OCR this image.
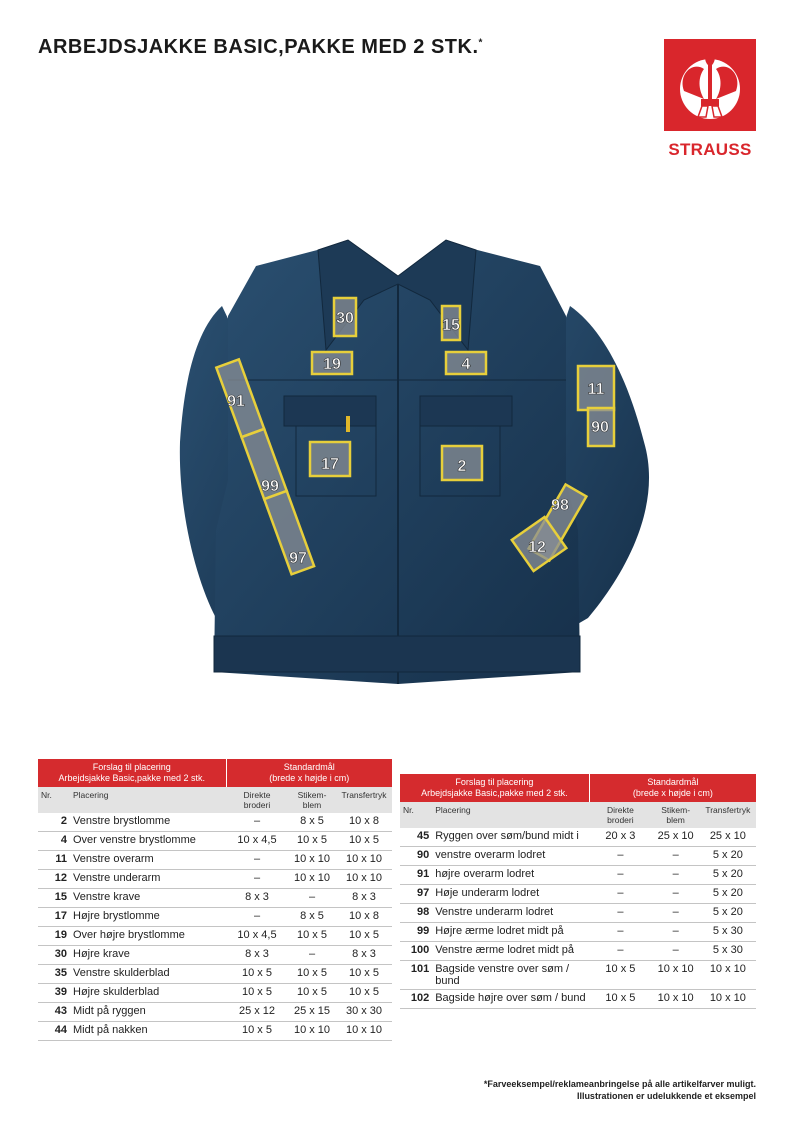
ARBEJDSJAKKE BASIC,PAKKE MED 2 STK.*
STRAUSS
30	15
19	4
11
90
91
17	2
99
98
12
97
Forslag til placering
Arbejdsjakke Basic,pakke med 2 stk.		Standardmål
(brede x højde i cm)		
Nr.	Placering	Direkte
broderi	Stikem-
blem	Transfertryk
2	Venstre brystlomme	–	8 x 5	10 x 8
4	Over venstre brystlomme	10 x 4,5	10 x 5	10 x 5
11	Venstre overarm	–	10 x 10	10 x 10
12	Venstre underarm	–	10 x 10	10 x 10
15	Venstre krave	8 x 3	–	8 x 3
17	Højre brystlomme	–	8 x 5	10 x 8
19	Over højre brystlomme	10 x 4,5	10 x 5	10 x 5
30	Højre krave	8 x 3	–	8 x 3
35	Venstre skulderblad	10 x 5	10 x 5	10 x 5
39	Højre skulderblad	10 x 5	10 x 5	10 x 5
43	Midt på ryggen	25 x 12	25 x 15	30 x 30
44	Midt på nakken	10 x 5	10 x 10	10 x 10
Forslag til placering
Arbejdsjakke Basic,pakke med 2 stk.		Standardmål
(brede x højde i cm)		
Nr.	Placering	Direkte
broderi	Stikem-
blem	Transfertryk
45	Ryggen over søm/bund midt i	20 x 3	25 x 10	25 x 10
90	venstre overarm lodret	–	–	5 x 20
91	højre overarm lodret	–	–	5 x 20
97	Høje underarm lodret	–	–	5 x 20
98	Venstre underarm lodret	–	–	5 x 20
99	Højre ærme lodret midt på	–	–	5 x 30
100	Venstre ærme lodret midt på	–	–	5 x 30
101	Bagside venstre over søm / bund	10 x 5	10 x 10	10 x 10
102	Bagside højre over søm / bund	10 x 5	10 x 10	10 x 10
*Farveeksempel/reklameanbringelse på alle artikelfarver muligt.
Illustrationen er udelukkende et eksempel
